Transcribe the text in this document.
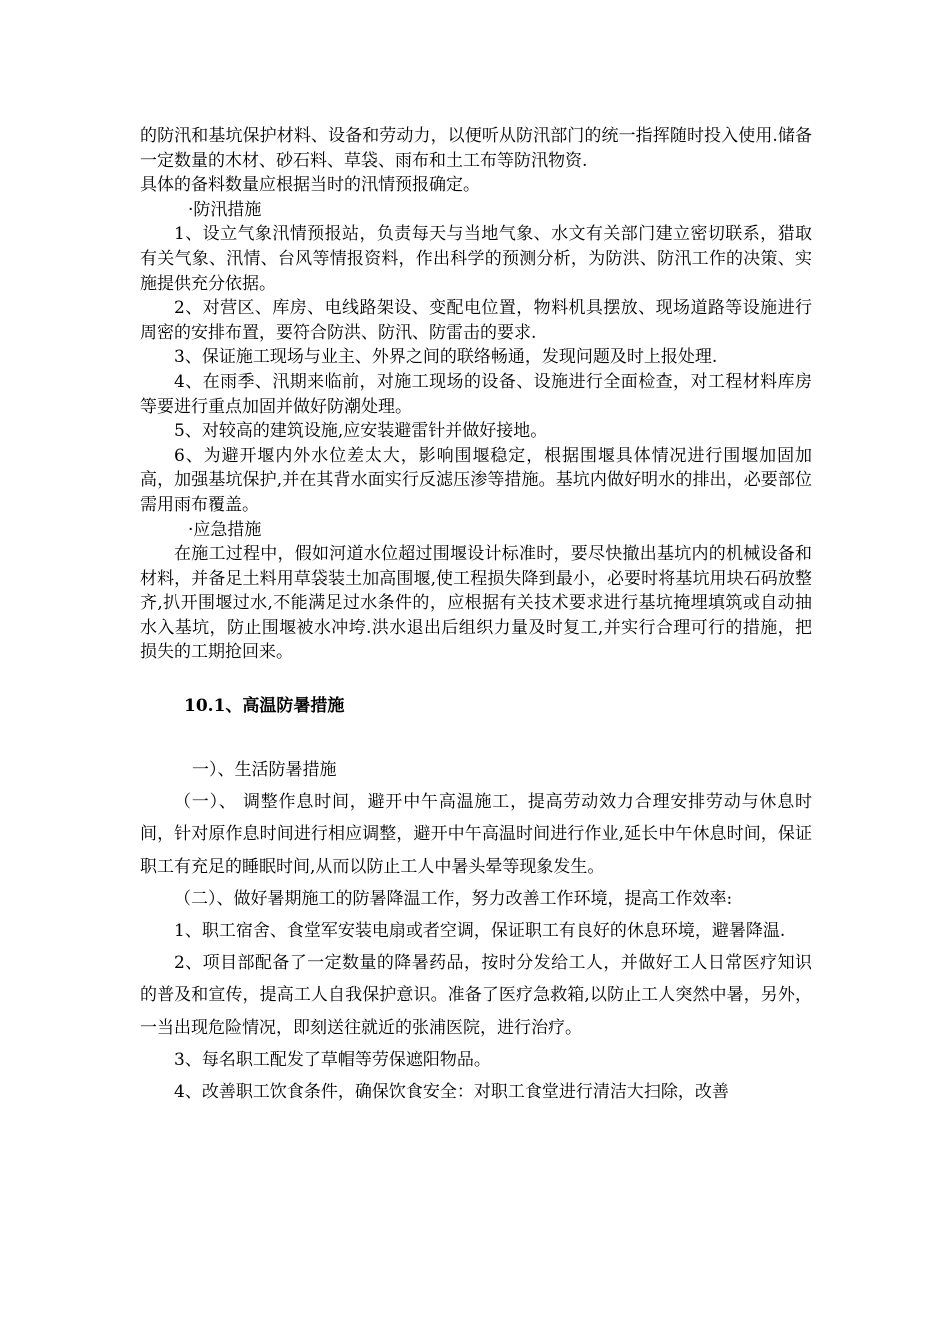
的防汛和基坑保护材料、设备和劳动力，以便听从防汛部门的统一指挥随时投入使用.储备一定数量的木材、砂石料、草袋、雨布和土工布等防汛物资.

具体的备料数量应根据当时的汛情预报确定。

·防汛措施

1、设立气象汛情预报站，负责每天与当地气象、水文有关部门建立密切联系，猎取有关气象、汛情、台风等情报资料，作出科学的预测分析，为防洪、防汛工作的决策、实施提供充分依据。

2、对营区、库房、电线路架设、变配电位置，物料机具摆放、现场道路等设施进行周密的安排布置，要符合防洪、防汛、防雷击的要求.

3、保证施工现场与业主、外界之间的联络畅通，发现问题及时上报处理.

4、在雨季、汛期来临前，对施工现场的设备、设施进行全面检查，对工程材料库房等要进行重点加固并做好防潮处理。

5、对较高的建筑设施,应安装避雷针并做好接地。

6、为避开堰内外水位差太大，影响围堰稳定，根据围堰具体情况进行围堰加固加高，加强基坑保护,并在其背水面实行反滤压渗等措施。基坑内做好明水的排出，必要部位需用雨布覆盖。

·应急措施

在施工过程中，假如河道水位超过围堰设计标准时，要尽快撤出基坑内的机械设备和材料，并备足土料用草袋装土加高围堰,使工程损失降到最小，必要时将基坑用块石码放整齐,扒开围堰过水,不能满足过水条件的，应根据有关技术要求进行基坑掩埋填筑或自动抽水入基坑，防止围堰被水冲垮.洪水退出后组织力量及时复工,并实行合理可行的措施，把损失的工期抢回来。

10.1、高温防暑措施

一）、生活防暑措施

（一）、 调整作息时间，避开中午高温施工，提高劳动效力合理安排劳动与休息时间，针对原作息时间进行相应调整，避开中午高温时间进行作业,延长中午休息时间，保证职工有充足的睡眠时间,从而以防止工人中暑头晕等现象发生。

（二）、做好暑期施工的防暑降温工作，努力改善工作环境，提高工作效率:

1、职工宿舍、食堂军安装电扇或者空调，保证职工有良好的休息环境，避暑降温.

2、项目部配备了一定数量的降暑药品，按时分发给工人，并做好工人日常医疗知识的普及和宣传，提高工人自我保护意识。准备了医疗急救箱,以防止工人突然中暑，另外，一当出现危险情况，即刻送往就近的张浦医院，进行治疗。

3、每名职工配发了草帽等劳保遮阳物品。

4、改善职工饮食条件，确保饮食安全：对职工食堂进行清洁大扫除，改善
